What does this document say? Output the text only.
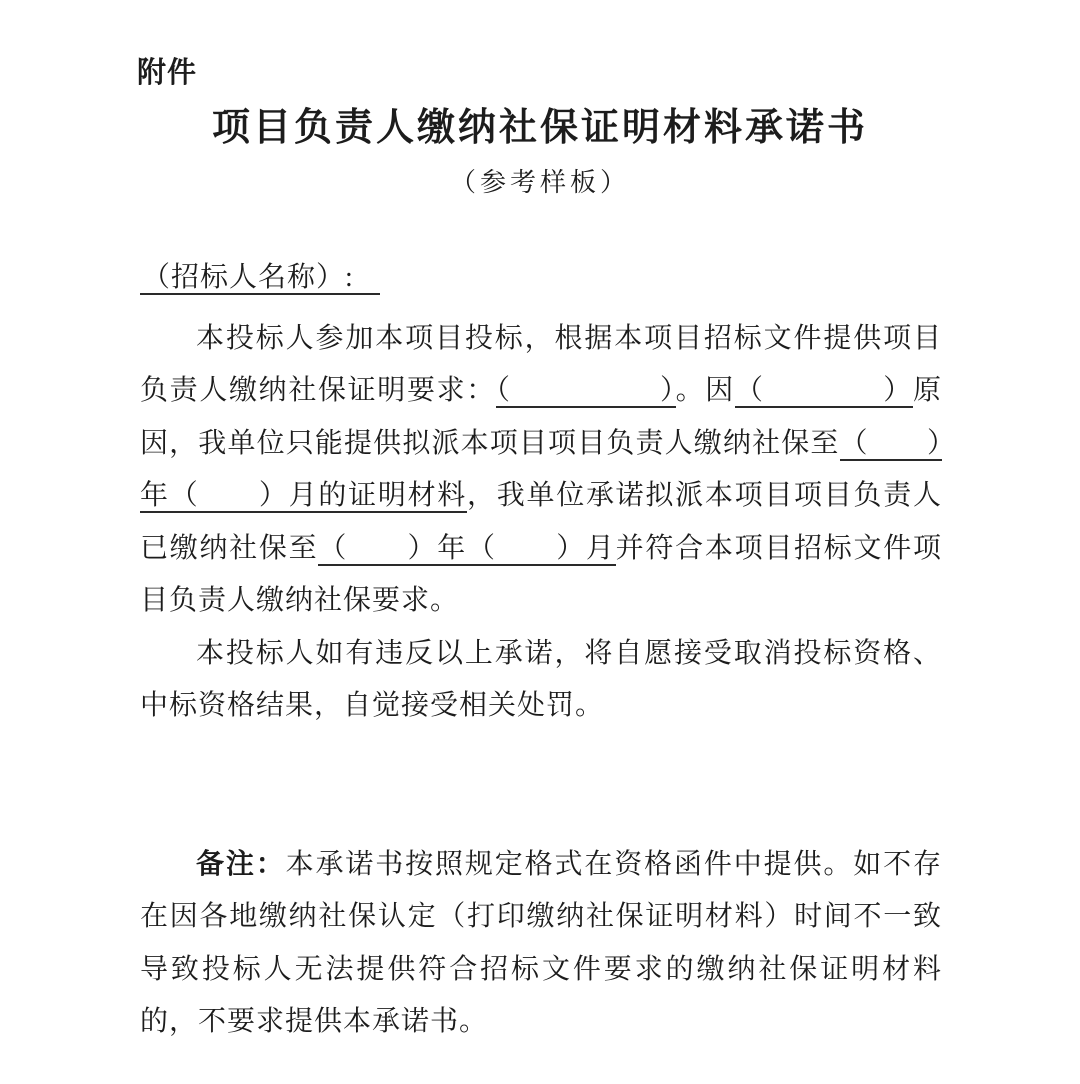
附件
项目负责人缴纳社保证明材料承诺书
（参考样板）
（招标人名称）:

本投标人参加本项目投标，根据本项目招标文件提供项目负责人缴纳社保证明要求：（　　　　　）。因（　　　　）原因，我单位只能提供拟派本项目项目负责人缴纳社保至（　　）年（　　）月的证明材料，我单位承诺拟派本项目项目负责人已缴纳社保至（　　）年（　　）月并符合本项目招标文件项目负责人缴纳社保要求。

本投标人如有违反以上承诺，将自愿接受取消投标资格、中标资格结果，自觉接受相关处罚。

备注：本承诺书按照规定格式在资格函件中提供。如不存在因各地缴纳社保认定（打印缴纳社保证明材料）时间不一致导致投标人无法提供符合招标文件要求的缴纳社保证明材料的，不要求提供本承诺书。
